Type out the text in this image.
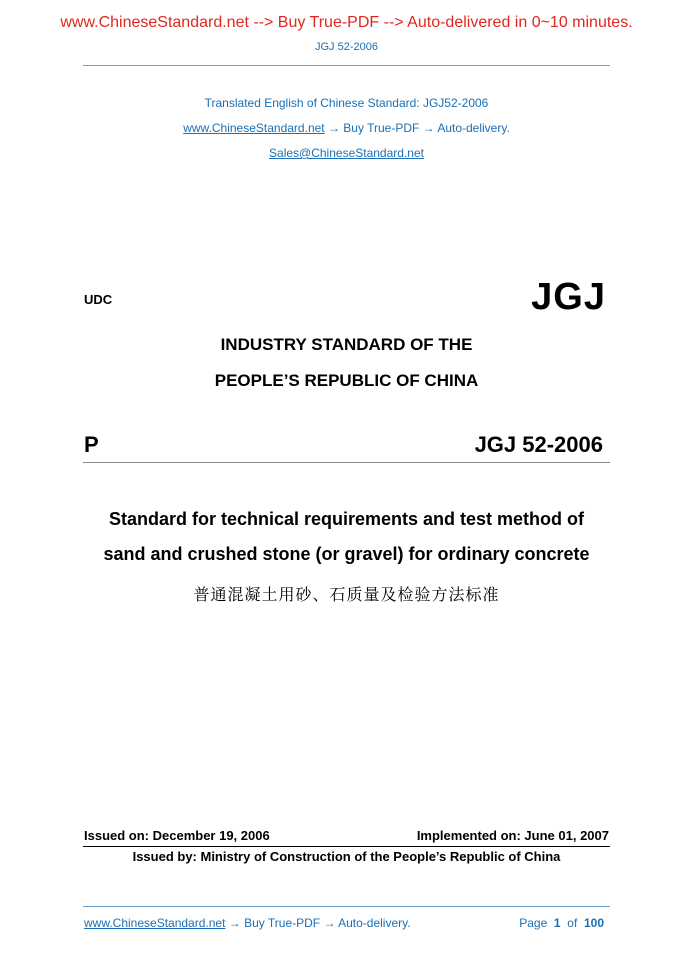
www.ChineseStandard.net --> Buy True-PDF --> Auto-delivered in 0~10 minutes.
JGJ 52-2006
Translated English of Chinese Standard: JGJ52-2006
www.ChineseStandard.net → Buy True-PDF → Auto-delivery.
Sales@ChineseStandard.net
UDC	JGJ
INDUSTRY STANDARD OF THE
PEOPLE’S REPUBLIC OF CHINA
P	JGJ 52-2006
Standard for technical requirements and test method of
sand and crushed stone (or gravel) for ordinary concrete
普通混凝土用砂、石质量及检验方法标准
Issued on: December 19, 2006	Implemented on: June 01, 2007
Issued by: Ministry of Construction of the People’s Republic of China
www.ChineseStandard.net → Buy True-PDF → Auto-delivery.	Page 1 of 100
